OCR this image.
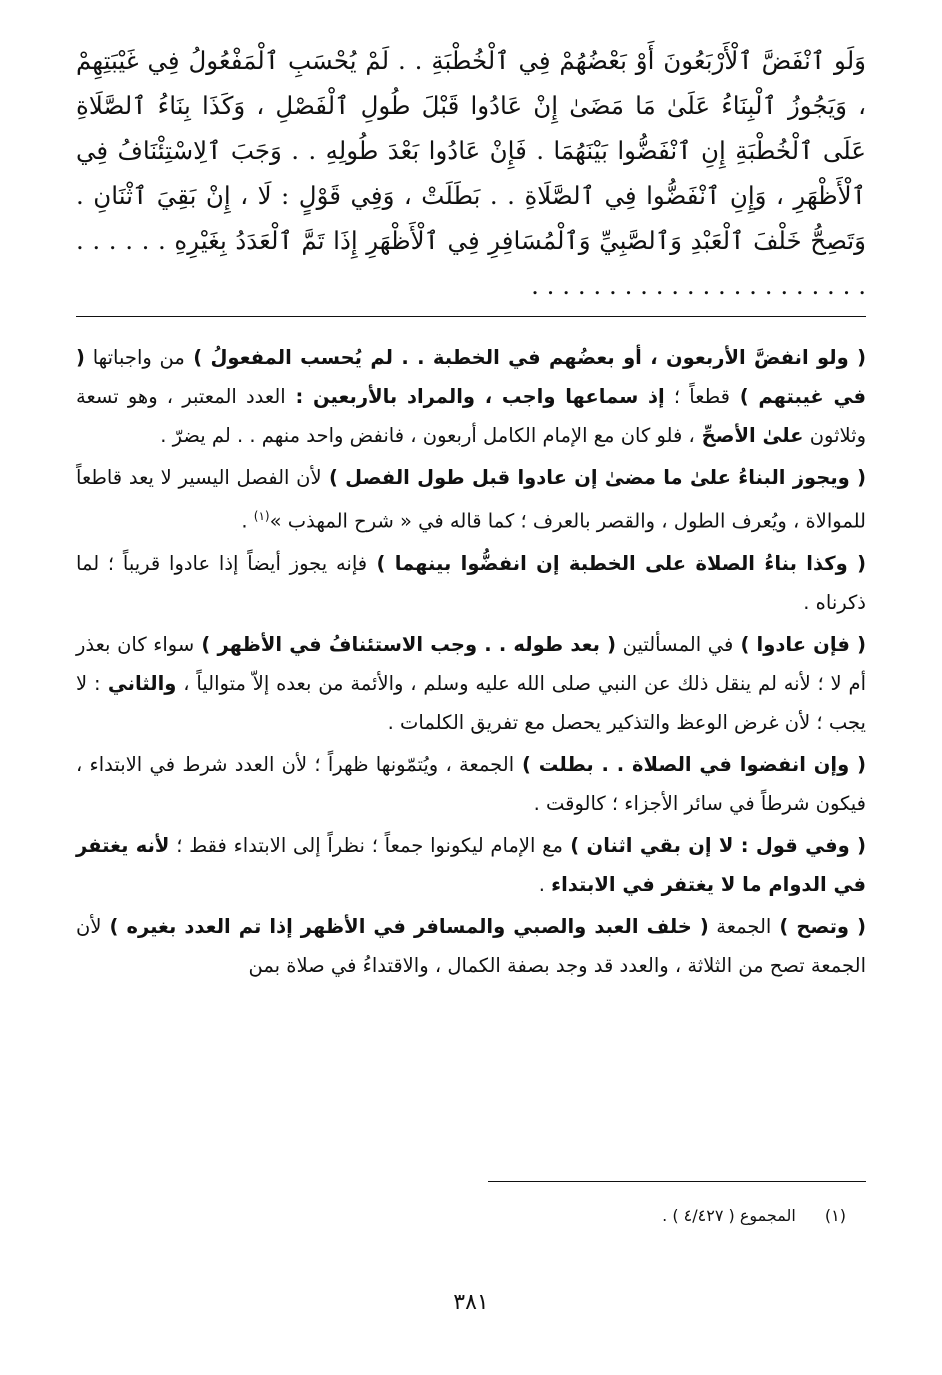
وَلَو ٱنْفَضَّ ٱلْأَرْبَعُونَ أَوْ بَعْضُهُمْ فِي ٱلْخُطْبَةِ . . لَمْ يُحْسَبِ ٱلْمَفْعُولُ فِي غَيْبَتِهِمْ ، وَيَجُوزُ ٱلْبِنَاءُ عَلَىٰ مَا مَضَىٰ إِنْ عَادُوا قَبْلَ طُولِ ٱلْفَصْلِ ، وَكَذَا بِنَاءُ ٱلصَّلَاةِ عَلَى ٱلْخُطْبَةِ إِنِ ٱنْفَضُّوا بَيْنَهُمَا . فَإِنْ عَادُوا بَعْدَ طُولِهِ . . وَجَبَ ٱلِاسْتِئْنَافُ فِي ٱلْأَظْهَرِ ، وَإِنِ ٱنْفَضُّوا فِي ٱلصَّلَاةِ . . بَطَلَتْ ، وَفِي قَوْلٍ : لَا ، إِنْ بَقِيَ ٱثْنَانِ . وَتَصِحُّ خَلْفَ ٱلْعَبْدِ وَٱلصَّبِيِّ وَٱلْمُسَافِرِ فِي ٱلْأَظْهَرِ إِذَا تَمَّ ٱلْعَدَدُ بِغَيْرِهِ . . . . . . . . . . . . . . . . . . . . . . . . . . . .

( ولو انفضَّ الأربعون ، أو بعضُهم في الخطبة . . لم يُحسب المفعولُ ) من واجباتها ( في غيبتهم ) قطعاً ؛ إذ سماعها واجب ، والمراد بالأربعين : العدد المعتبر ، وهو تسعة وثلاثون علىٰ الأصحِّ ، فلو كان مع الإمام الكامل أربعون ، فانفض واحد منهم . . لم يضرّ .

( ويجوز البناءُ علىٰ ما مضىٰ إن عادوا قبل طول الفصل ) لأن الفصل اليسير لا يعد قاطعاً للموالاة ، ويُعرف الطول ، والقصر بالعرف ؛ كما قاله في « شرح المهذب »$^{(١)}$ .

( وكذا بناءُ الصلاة على الخطبة إن انفضُّوا بينهما ) فإنه يجوز أيضاً إذا عادوا قريباً ؛ لما ذكرناه .

( فإن عادوا ) في المسألتين ( بعد طوله . . وجب الاستئنافُ في الأظهر ) سواء كان بعذر أم لا ؛ لأنه لم ينقل ذلك عن النبي صلى الله عليه وسلم ، والأئمة من بعده إلاّ متوالياً ، والثاني : لا يجب ؛ لأن غرض الوعظ والتذكير يحصل مع تفريق الكلمات .

( وإن انفضوا في الصلاة . . بطلت ) الجمعة ، ويُتمّونها ظهراً ؛ لأن العدد شرط في الابتداء ، فيكون شرطاً في سائر الأجزاء ؛ كالوقت .

( وفي قول : لا إن بقي اثنان ) مع الإمام ليكونوا جمعاً ؛ نظراً إلى الابتداء فقط ؛ لأنه يغتفر في الدوام ما لا يغتفر في الابتداء .

( وتصح ) الجمعة ( خلف العبد والصبي والمسافر في الأظهر إذا تم العدد بغيره ) لأن الجمعة تصح من الثلاثة ، والعدد قد وجد بصفة الكمال ، والاقتداءُ في صلاة بمن

(١) المجموع ( ٤/٤٢٧ ) .
٣٨١
